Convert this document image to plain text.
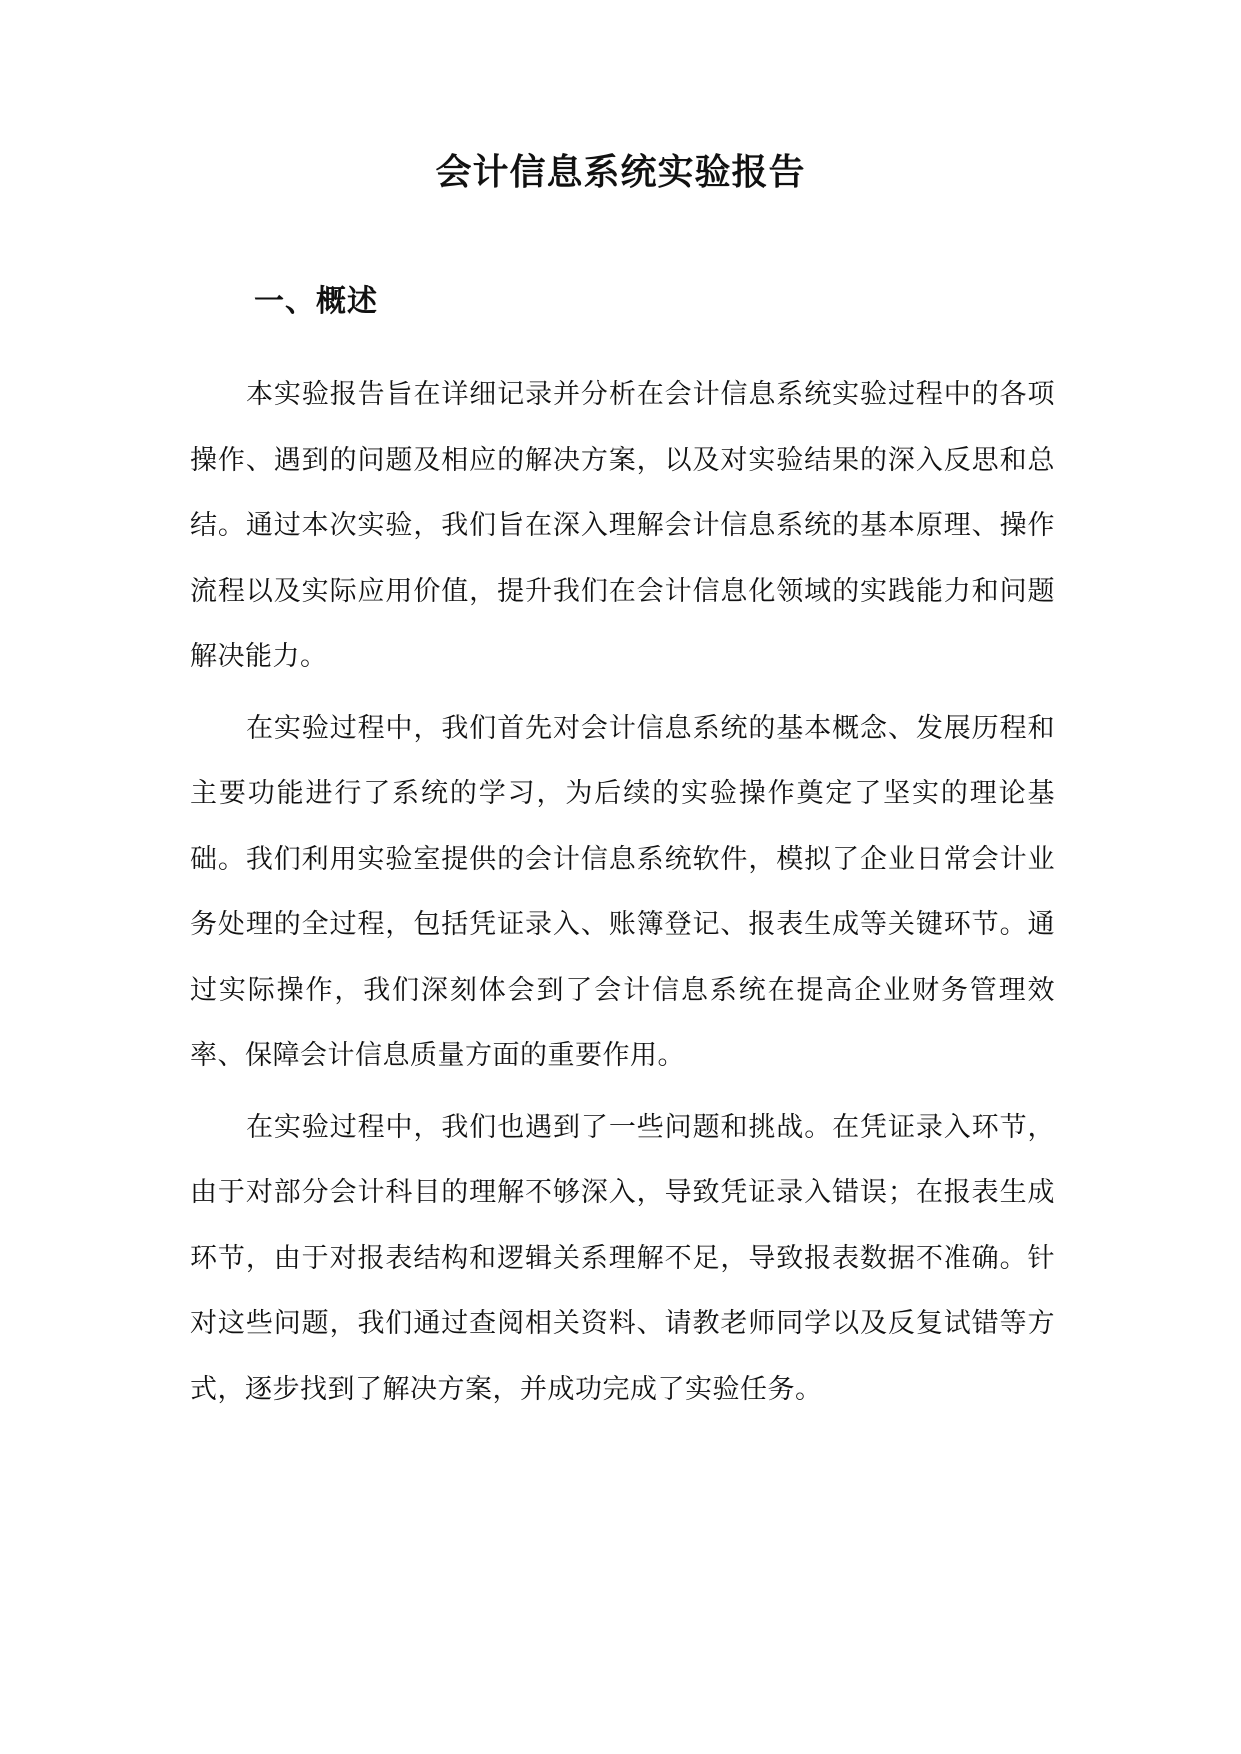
会计信息系统实验报告
一、概述

本实验报告旨在详细记录并分析在会计信息系统实验过程中的各项操作、遇到的问题及相应的解决方案，以及对实验结果的深入反思和总结。通过本次实验，我们旨在深入理解会计信息系统的基本原理、操作流程以及实际应用价值，提升我们在会计信息化领域的实践能力和问题解决能力。

在实验过程中，我们首先对会计信息系统的基本概念、发展历程和主要功能进行了系统的学习，为后续的实验操作奠定了坚实的理论基础。我们利用实验室提供的会计信息系统软件，模拟了企业日常会计业务处理的全过程，包括凭证录入、账簿登记、报表生成等关键环节。通过实际操作，我们深刻体会到了会计信息系统在提高企业财务管理效率、保障会计信息质量方面的重要作用。

在实验过程中，我们也遇到了一些问题和挑战。在凭证录入环节，由于对部分会计科目的理解不够深入，导致凭证录入错误；在报表生成环节，由于对报表结构和逻辑关系理解不足，导致报表数据不准确。针对这些问题，我们通过查阅相关资料、请教老师同学以及反复试错等方式，逐步找到了解决方案，并成功完成了实验任务。
